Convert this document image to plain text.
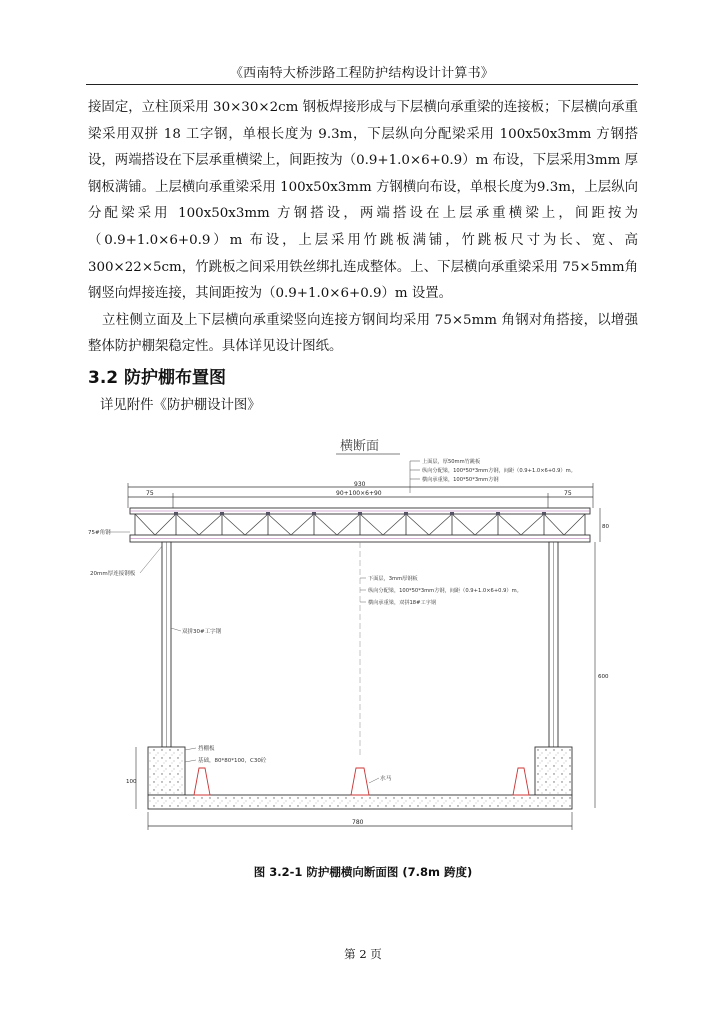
《西南特大桥涉路工程防护结构设计计算书》

接固定，立柱顶采用 30×30×2cm 钢板焊接形成与下层横向承重梁的连接板；下层横向承重梁采用双拼 18 工字钢，单根长度为 9.3m，下层纵向分配梁采用 100x50x3mm 方钢搭设，两端搭设在下层承重横梁上，间距按为（0.9+1.0×6+0.9）m 布设，下层采用3mm 厚钢板满铺。上层横向承重梁采用 100x50x3mm 方钢横向布设，单根长度为9.3m，上层纵向分配梁采用 100x50x3mm 方钢搭设，两端搭设在上层承重横梁上，间距按为（0.9+1.0×6+0.9）m 布设，上层采用竹跳板满铺，竹跳板尺寸为长、宽、高300×22×5cm，竹跳板之间采用铁丝绑扎连成整体。上、下层横向承重梁采用 75×5mm角钢竖向焊接连接，其间距按为（0.9+1.0×6+0.9）m 设置。

立柱侧立面及上下层横向承重梁竖向连接方钢间均采用 75×5mm 角钢对角搭接，以增强整体防护棚架稳定性。具体详见设计图纸。

3.2 防护棚布置图

详见附件《防护棚设计图》

横断面
上面层，厚50mm竹跳板
纵向分配梁，100*50*3mm方钢，间距（0.9+1.0×6+0.9）m。
横向承重梁，100*50*3mm方钢
930
75	90+100×6+90	75
80
75#角钢
20mm厚连接钢板
双拼30#工字钢
下面层，3mm厚钢板
纵向分配梁，100*50*3mm方钢，间距（0.9+1.0×6+0.9）m。
横向承重梁，双拼18#工字钢
600
挡棚板
基础，80*80*100，C30砼
100	水马
780
图 3.2-1 防护棚横向断面图 (7.8m 跨度)
第 2 页
